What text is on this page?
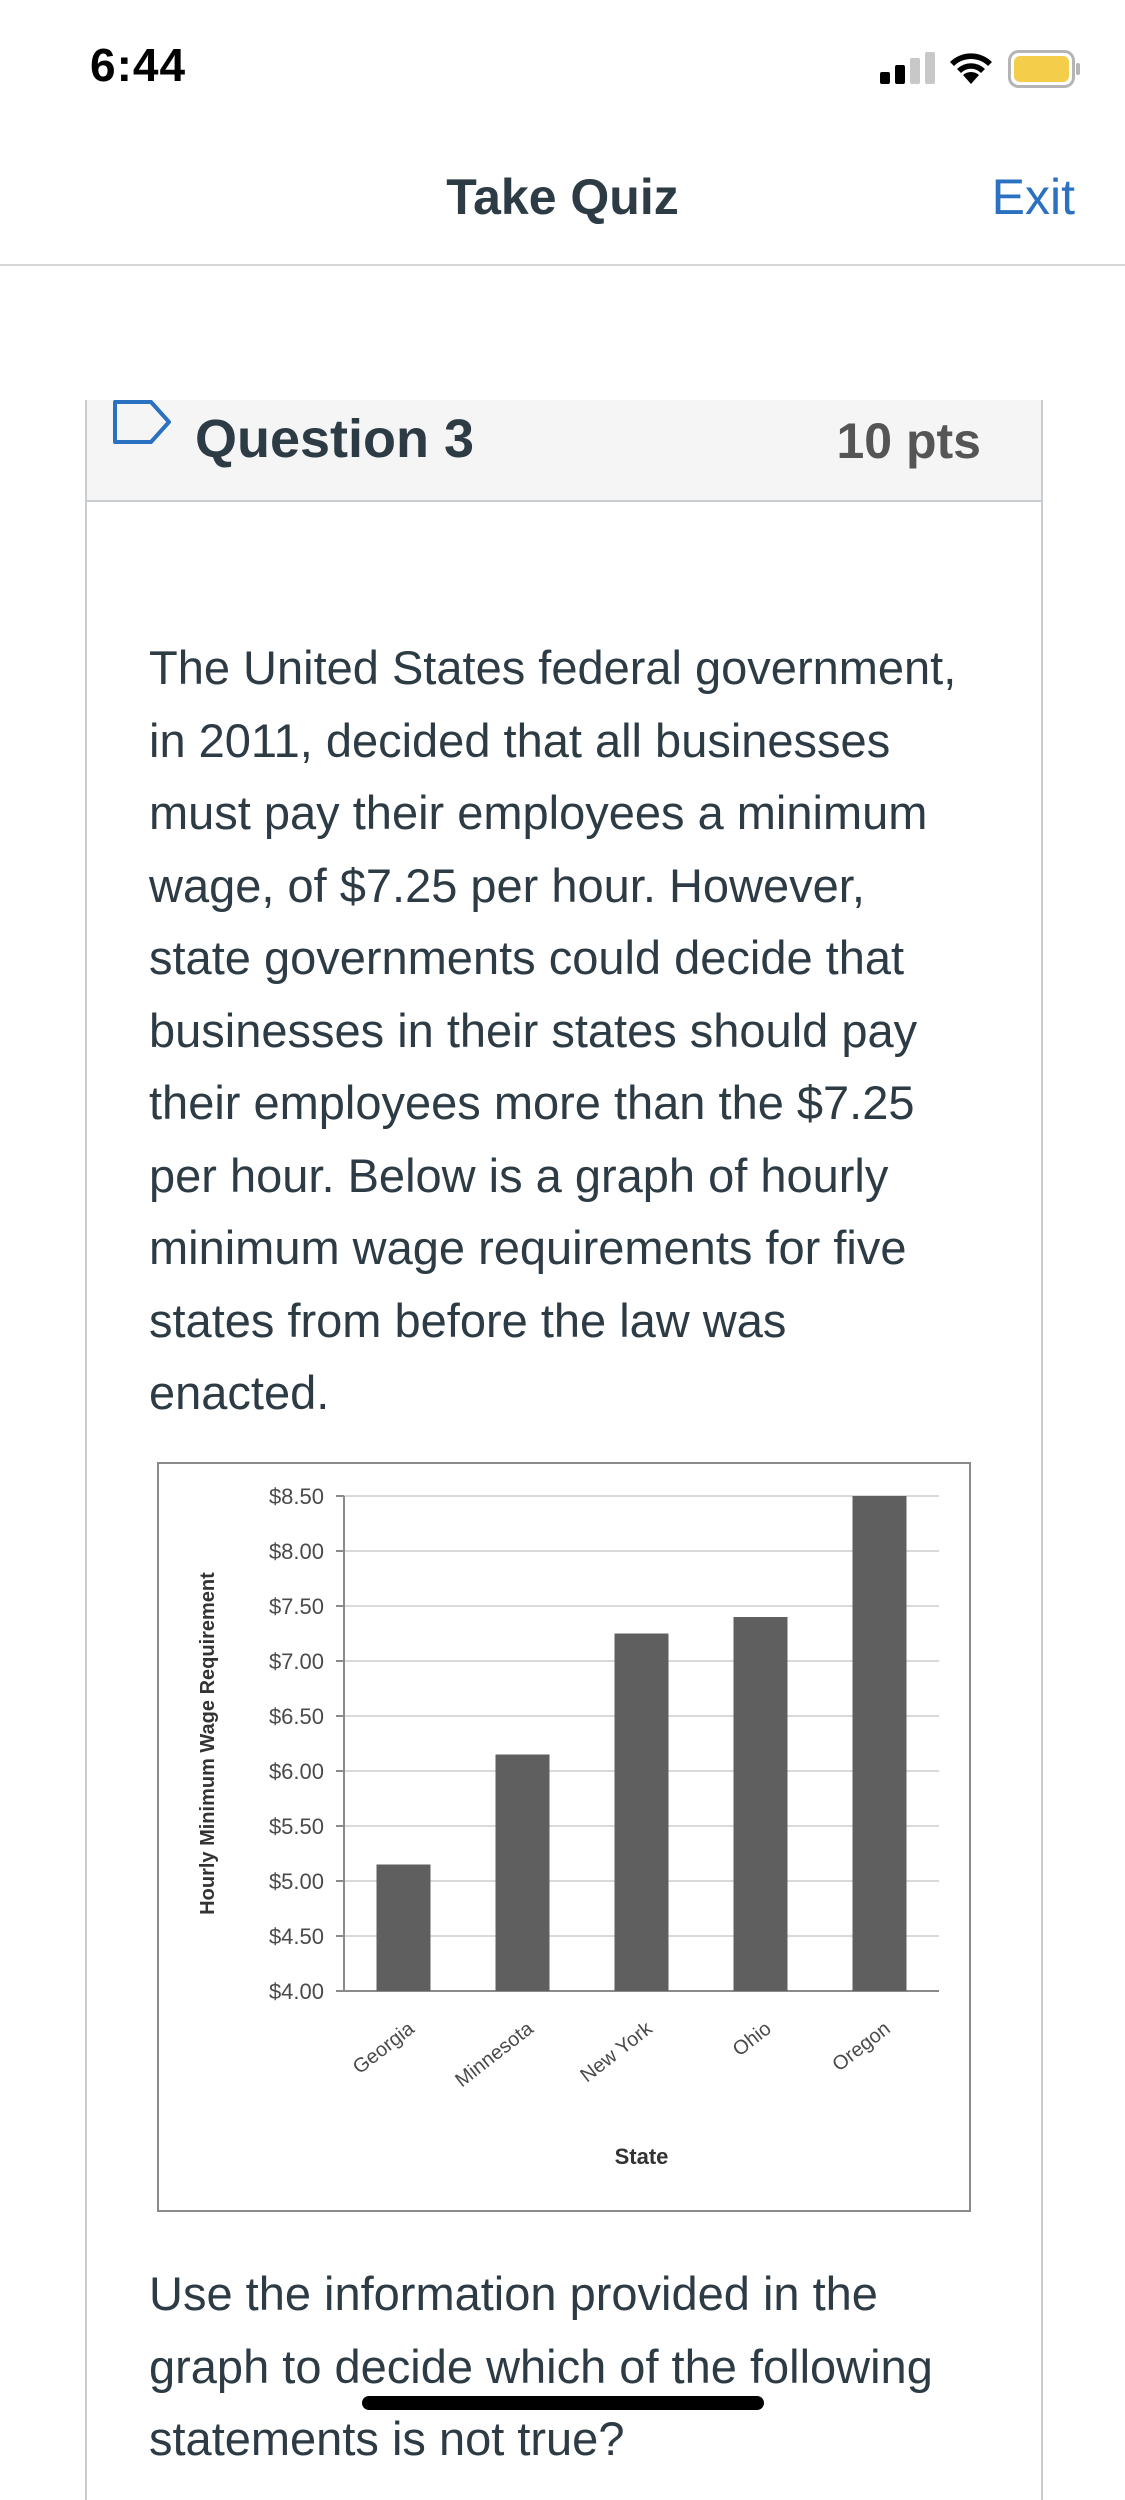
6:44
Take Quiz	Exit
Question 3	10 pts
The United States federal government, in 2011, decided that all businesses must pay their employees a minimum wage, of $7.25 per hour. However, state governments could decide that businesses in their states should pay their employees more than the $7.25 per hour. Below is a graph of hourly minimum wage requirements for five states from before the law was enacted.
$4.00
$4.50
$5.00
$5.50
$6.00
$6.50
$7.00
$7.50
$8.00
$8.50
Georgia Minnesota New York	Ohio	Oregon
State
Hourly Minimum Wage Requirement
Use the information provided in the graph to decide which of the following statements is not true?
